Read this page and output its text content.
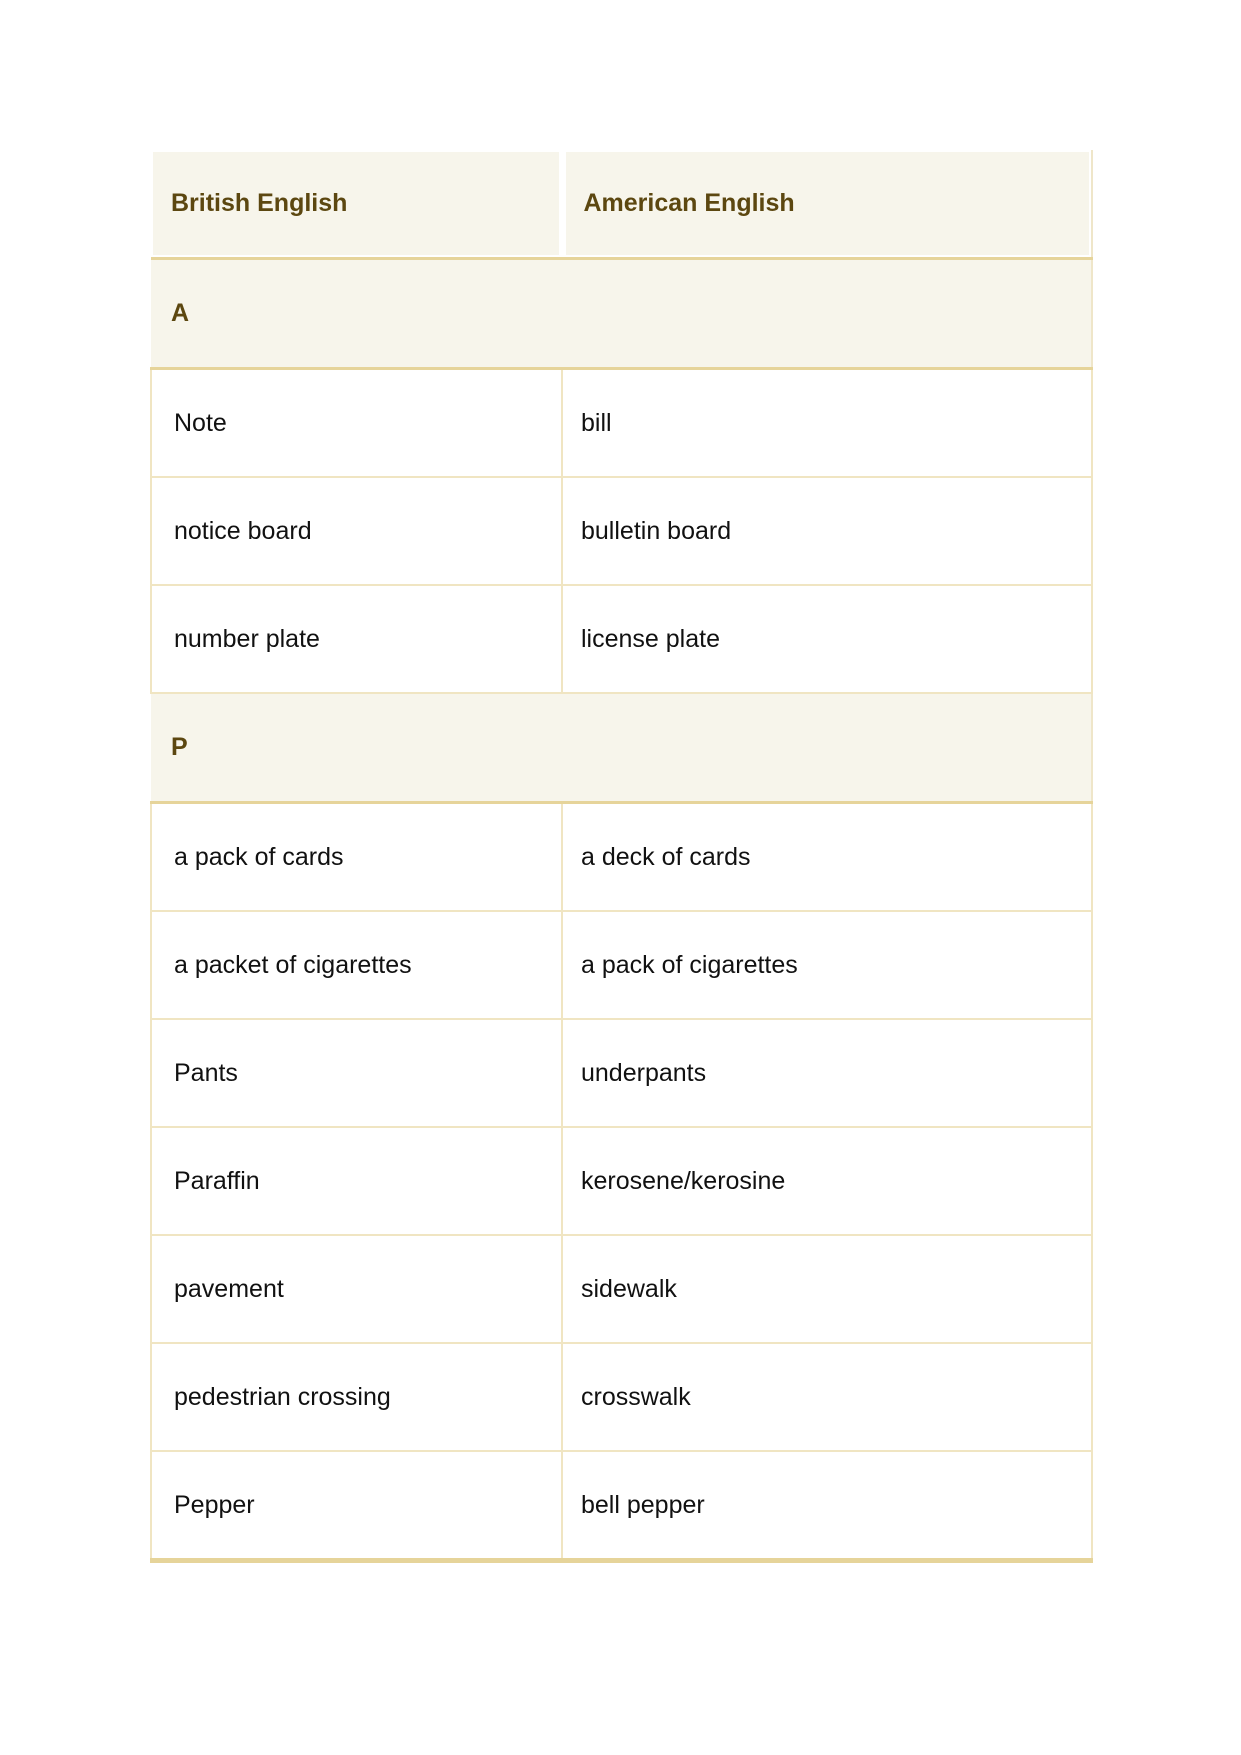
British English	American English
A	
Note	bill
notice board	bulletin board
number plate	license plate
P	
a pack of cards	a deck of cards
a packet of cigarettes	a pack of cigarettes
Pants	underpants
Paraffin	kerosene/kerosine
pavement	sidewalk
pedestrian crossing	crosswalk
Pepper	bell pepper
